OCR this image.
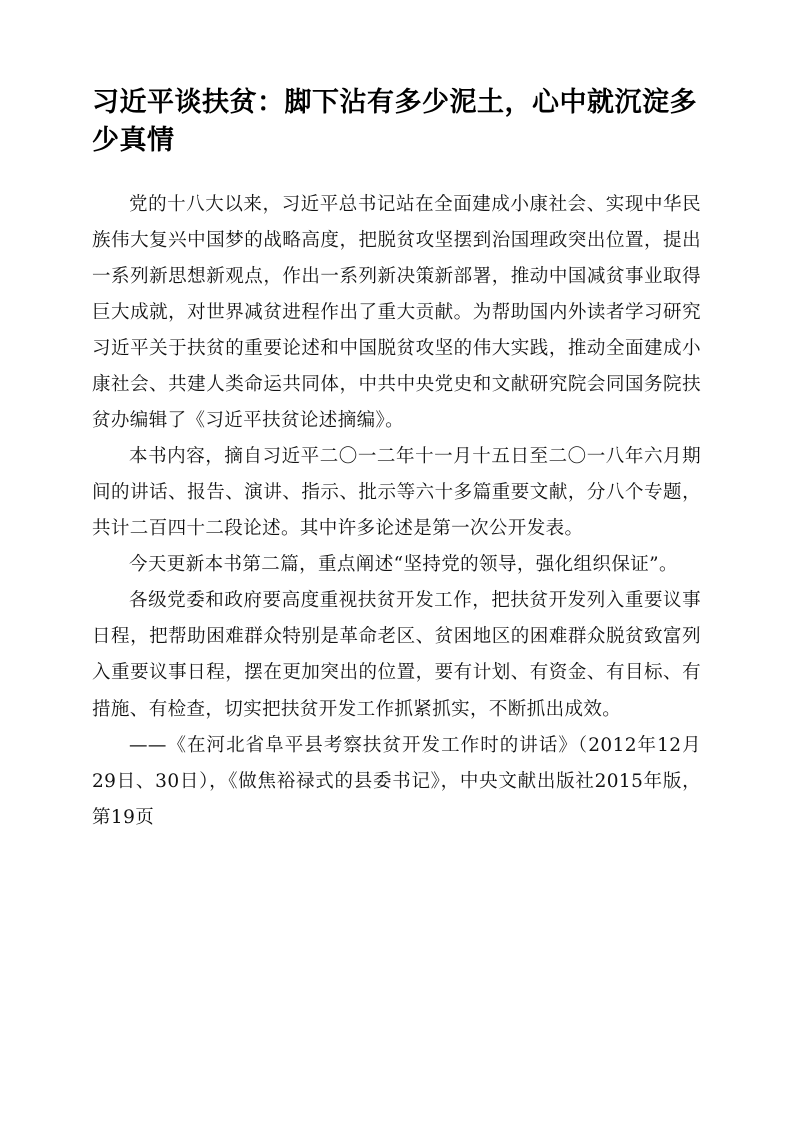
习近平谈扶贫：脚下沾有多少泥土，心中就沉淀多少真情

党的十八大以来，习近平总书记站在全面建成小康社会、实现中华民族伟大复兴中国梦的战略高度，把脱贫攻坚摆到治国理政突出位置，提出一系列新思想新观点，作出一系列新决策新部署，推动中国减贫事业取得巨大成就，对世界减贫进程作出了重大贡献。为帮助国内外读者学习研究习近平关于扶贫的重要论述和中国脱贫攻坚的伟大实践，推动全面建成小康社会、共建人类命运共同体，中共中央党史和文献研究院会同国务院扶贫办编辑了《习近平扶贫论述摘编》。

本书内容，摘自习近平二〇一二年十一月十五日至二〇一八年六月期间的讲话、报告、演讲、指示、批示等六十多篇重要文献，分八个专题，共计二百四十二段论述。其中许多论述是第一次公开发表。

今天更新本书第二篇，重点阐述“坚持党的领导，强化组织保证”。

各级党委和政府要高度重视扶贫开发工作，把扶贫开发列入重要议事日程，把帮助困难群众特别是革命老区、贫困地区的困难群众脱贫致富列入重要议事日程，摆在更加突出的位置，要有计划、有资金、有目标、有措施、有检查，切实把扶贫开发工作抓紧抓实，不断抓出成效。

——《在河北省阜平县考察扶贫开发工作时的讲话》（2012年12月29日、30日），《做焦裕禄式的县委书记》，中央文献出版社2015年版，第19页
